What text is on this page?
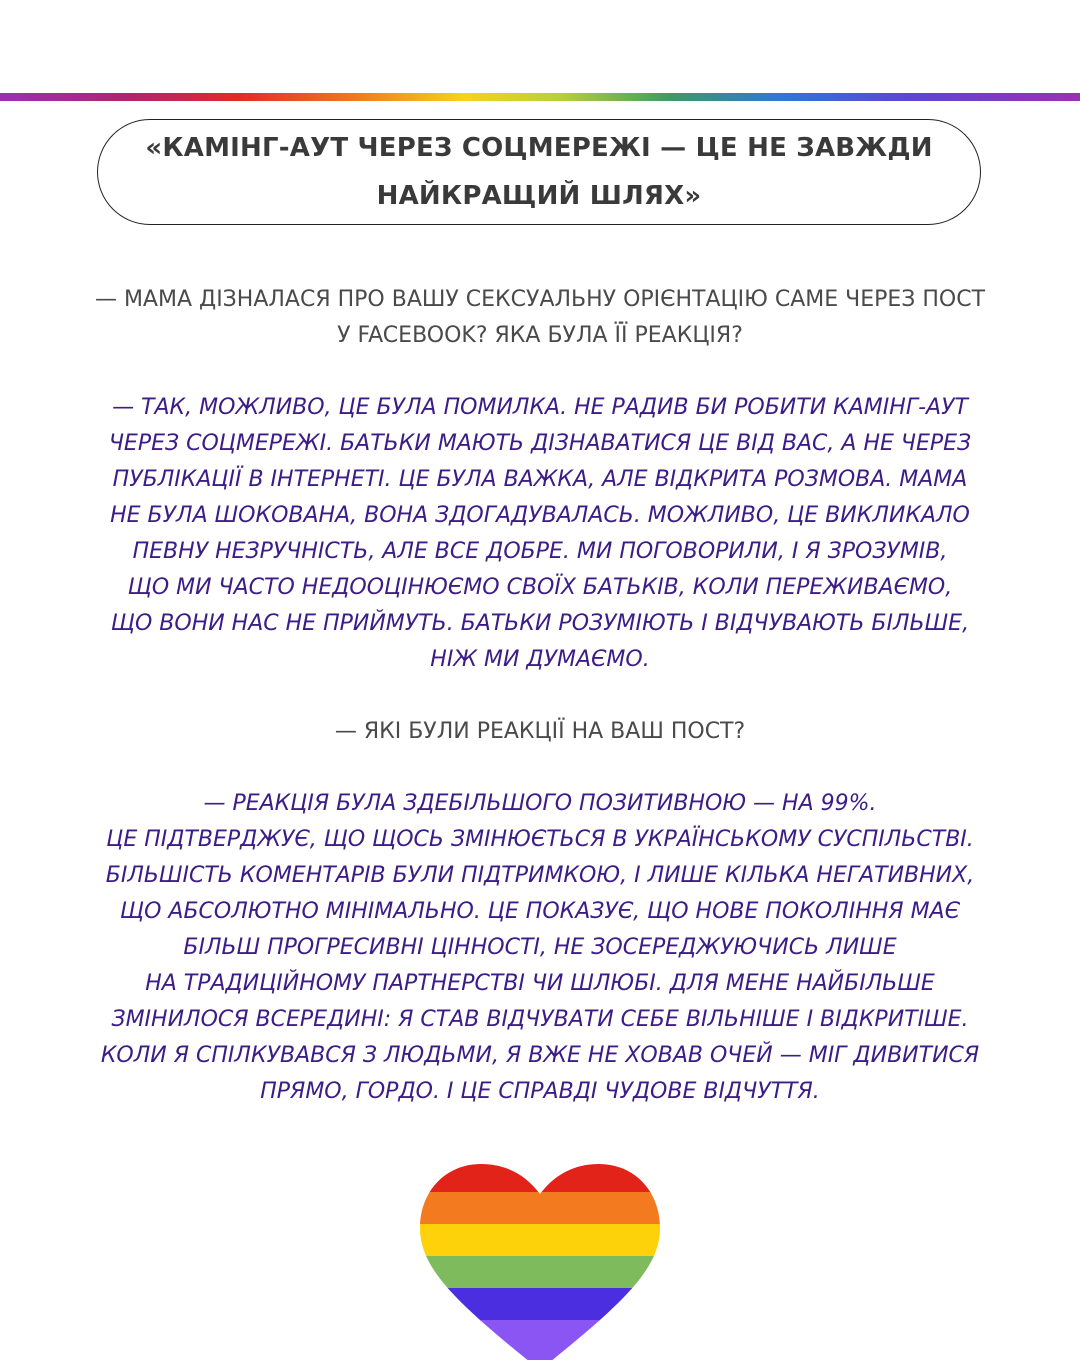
«КАМІНГ-АУТ ЧЕРЕЗ СОЦМЕРЕЖІ — ЦЕ НЕ ЗАВЖДИ
НАЙКРАЩИЙ ШЛЯХ»
— МАМА ДІЗНАЛАСЯ ПРО ВАШУ СЕКСУАЛЬНУ ОРІЄНТАЦІЮ САМЕ ЧЕРЕЗ ПОСТ
У FACEBOOK? ЯКА БУЛА ЇЇ РЕАКЦІЯ?
— ТАК, МОЖЛИВО, ЦЕ БУЛА ПОМИЛКА. НЕ РАДИВ БИ РОБИТИ КАМІНГ-АУТ
ЧЕРЕЗ СОЦМЕРЕЖІ. БАТЬКИ МАЮТЬ ДІЗНАВАТИСЯ ЦЕ ВІД ВАС, А НЕ ЧЕРЕЗ
ПУБЛІКАЦІЇ В ІНТЕРНЕТІ. ЦЕ БУЛА ВАЖКА, АЛЕ ВІДКРИТА РОЗМОВА. МАМА
НЕ БУЛА ШОКОВАНА, ВОНА ЗДОГАДУВАЛАСЬ. МОЖЛИВО, ЦЕ ВИКЛИКАЛО
ПЕВНУ НЕЗРУЧНІСТЬ, АЛЕ ВСЕ ДОБРЕ. МИ ПОГОВОРИЛИ, І Я ЗРОЗУМІВ,
ЩО МИ ЧАСТО НЕДООЦІНЮЄМО СВОЇХ БАТЬКІВ, КОЛИ ПЕРЕЖИВАЄМО,
ЩО ВОНИ НАС НЕ ПРИЙМУТЬ. БАТЬКИ РОЗУМІЮТЬ І ВІДЧУВАЮТЬ БІЛЬШЕ,
НІЖ МИ ДУМАЄМО.
— ЯКІ БУЛИ РЕАКЦІЇ НА ВАШ ПОСТ?
— РЕАКЦІЯ БУЛА ЗДЕБІЛЬШОГО ПОЗИТИВНОЮ — НА 99%.
ЦЕ ПІДТВЕРДЖУЄ, ЩО ЩОСЬ ЗМІНЮЄТЬСЯ В УКРАЇНСЬКОМУ СУСПІЛЬСТВІ.
БІЛЬШІСТЬ КОМЕНТАРІВ БУЛИ ПІДТРИМКОЮ, І ЛИШЕ КІЛЬКА НЕГАТИВНИХ,
ЩО АБСОЛЮТНО МІНІМАЛЬНО. ЦЕ ПОКАЗУЄ, ЩО НОВЕ ПОКОЛІННЯ МАЄ
БІЛЬШ ПРОГРЕСИВНІ ЦІННОСТІ, НЕ ЗОСЕРЕДЖУЮЧИСЬ ЛИШЕ
НА ТРАДИЦІЙНОМУ ПАРТНЕРСТВІ ЧИ ШЛЮБІ. ДЛЯ МЕНЕ НАЙБІЛЬШЕ
ЗМІНИЛОСЯ ВСЕРЕДИНІ: Я СТАВ ВІДЧУВАТИ СЕБЕ ВІЛЬНІШЕ І ВІДКРИТІШЕ.
КОЛИ Я СПІЛКУВАВСЯ З ЛЮДЬМИ, Я ВЖЕ НЕ ХОВАВ ОЧЕЙ — МІГ ДИВИТИСЯ
ПРЯМО, ГОРДО. І ЦЕ СПРАВДІ ЧУДОВЕ ВІДЧУТТЯ.
